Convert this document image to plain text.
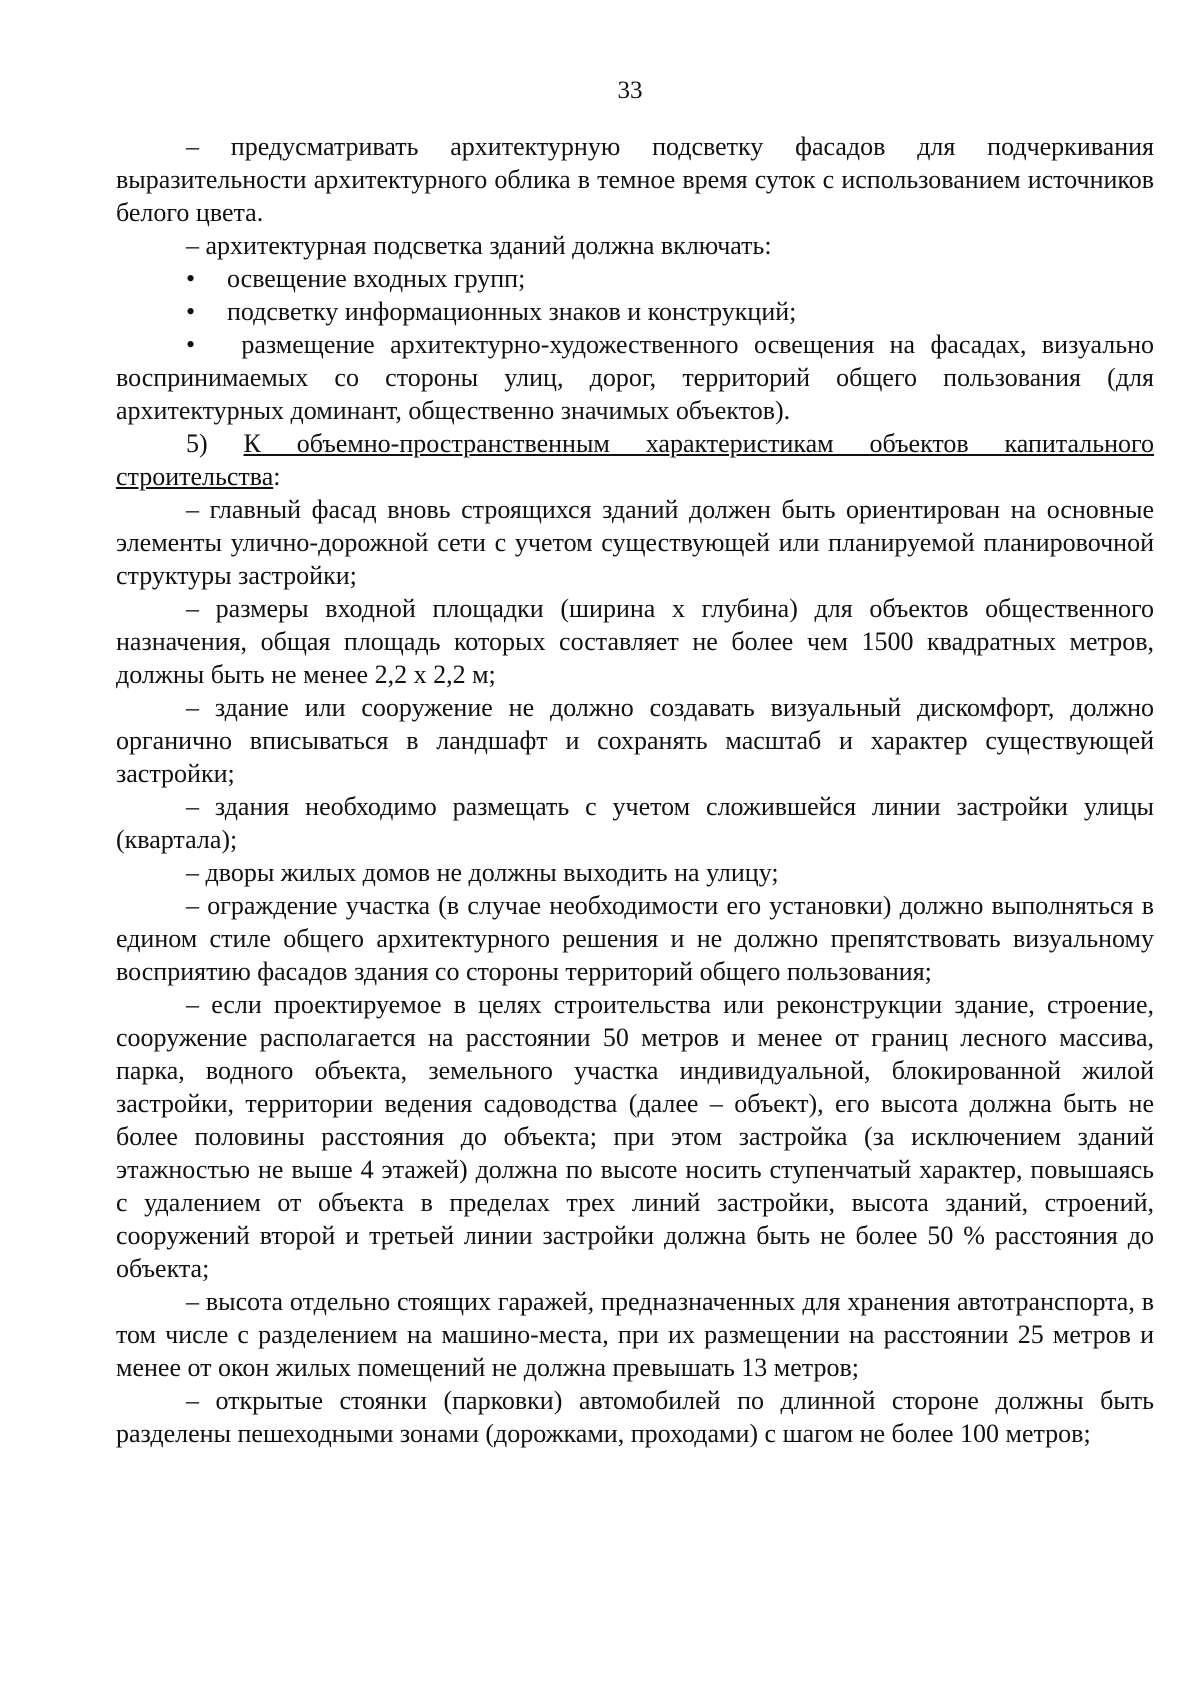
33

– предусматривать архитектурную подсветку фасадов для подчеркивания выразительности архитектурного облика в темное время суток с использованием источников белого цвета.

– архитектурная подсветка зданий должна включать:

•	освещение входных групп;

•	подсветку информационных знаков и конструкций;

• размещение архитектурно-художественного освещения на фасадах, визуально воспринимаемых со стороны улиц, дорог, территорий общего пользования (для архитектурных доминант, общественно значимых объектов).

5) К объемно-пространственным характеристикам объектов капитального строительства:

– главный фасад вновь строящихся зданий должен быть ориентирован на основные элементы улично-дорожной сети с учетом существующей или планируемой планировочной структуры застройки;

– размеры входной площадки (ширина х глубина) для объектов общественного назначения, общая площадь которых составляет не более чем 1500 квадратных метров, должны быть не менее 2,2 х 2,2 м;

– здание или сооружение не должно создавать визуальный дискомфорт, должно органично вписываться в ландшафт и сохранять масштаб и характер существующей застройки;

– здания необходимо размещать с учетом сложившейся линии застройки улицы (квартала);

– дворы жилых домов не должны выходить на улицу;

– ограждение участка (в случае необходимости его установки) должно выполняться в едином стиле общего архитектурного решения и не должно препятствовать визуальному восприятию фасадов здания со стороны территорий общего пользования;

– если проектируемое в целях строительства или реконструкции здание, строение, сооружение располагается на расстоянии 50 метров и менее от границ лесного массива, парка, водного объекта, земельного участка индивидуальной, блокированной жилой застройки, территории ведения садоводства (далее – объект), его высота должна быть не более половины расстояния до объекта; при этом застройка (за исключением зданий этажностью не выше 4 этажей) должна по высоте носить ступенчатый характер, повышаясь с удалением от объекта в пределах трех линий застройки, высота зданий, строений, сооружений второй и третьей линии застройки должна быть не более 50 % расстояния до объекта;

– высота отдельно стоящих гаражей, предназначенных для хранения автотранспорта, в том числе с разделением на машино-места, при их размещении на расстоянии 25 метров и менее от окон жилых помещений не должна превышать 13 метров;

– открытые стоянки (парковки) автомобилей по длинной стороне должны быть разделены пешеходными зонами (дорожками, проходами) с шагом не более 100 метров;
